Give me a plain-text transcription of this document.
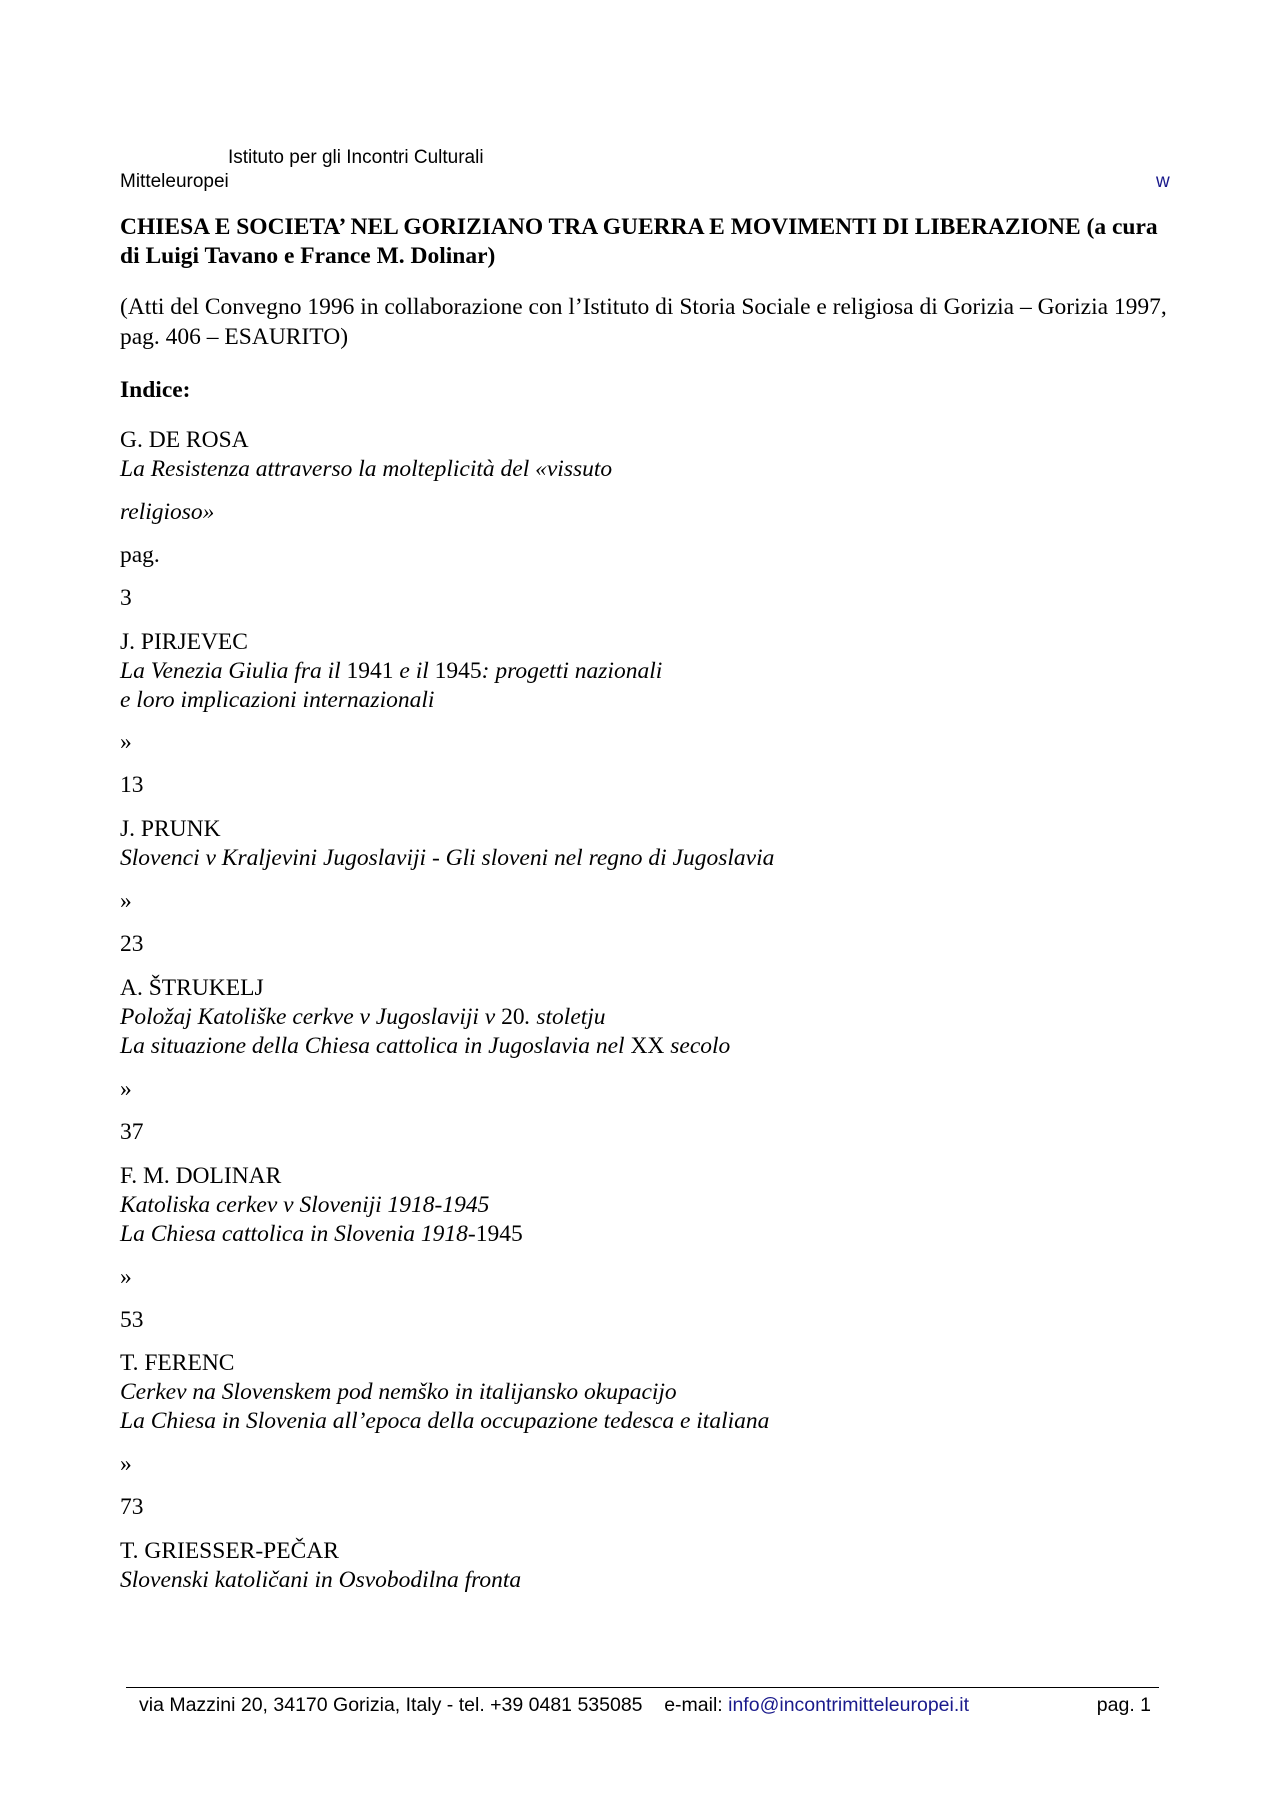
Istituto per gli Incontri Culturali
Mitteleuropei	w
CHIESA E SOCIETA’ NEL GORIZIANO TRA GUERRA E MOVIMENTI DI LIBERAZIONE (a cura di Luigi Tavano e France M. Dolinar)
(Atti del Convegno 1996 in collaborazione con l’Istituto di Storia Sociale e religiosa di Gorizia – Gorizia 1997, pag. 406 – ESAURITO)
Indice:
G. DE ROSA
La Resistenza attraverso la molteplicità del «vissuto
religioso»
pag.
3
J. PIRJEVEC
La Venezia Giulia fra il 1941 e il 1945: progetti nazionali
e loro implicazioni internazionali
»
13
J. PRUNK
Slovenci v Kraljevini Jugoslaviji - Gli sloveni nel regno di Jugoslavia
»
23
A. ŠTRUKELJ
Položaj Katoliške cerkve v Jugoslaviji v 20. stoletju
La situazione della Chiesa cattolica in Jugoslavia nel XX secolo
»
37
F. M. DOLINAR
Katoliska cerkev v Sloveniji 1918-1945
La Chiesa cattolica in Slovenia 1918-1945
»
53
T. FERENC
Cerkev na Slovenskem pod nemško in italijansko okupacijo
La Chiesa in Slovenia all’epoca della occupazione tedesca e italiana
»
73
T. GRIESSER-PEČAR
Slovenski katoličani in Osvobodilna fronta
via Mazzini 20, 34170 Gorizia, Italy - tel. +39 0481 535085 e-mail: info@incontrimitteleuropei.it	pag. 1
